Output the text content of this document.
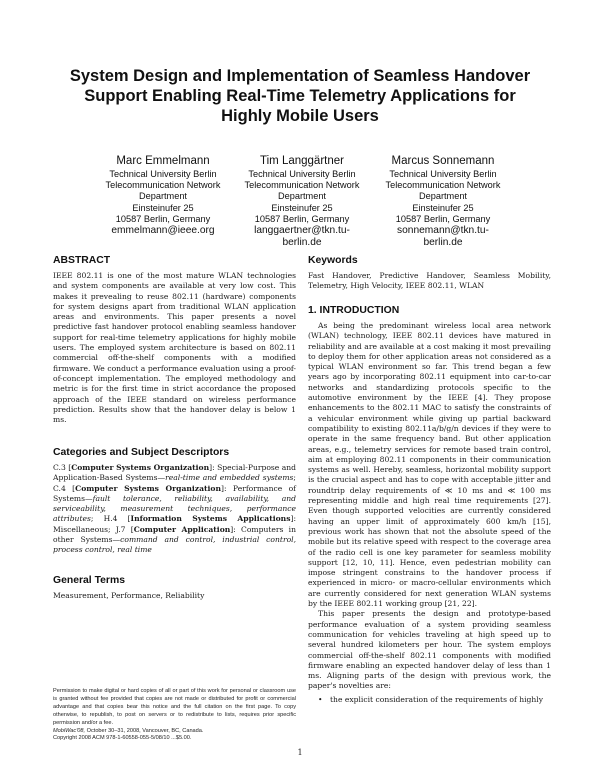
System Design and Implementation of Seamless Handover
Support Enabling Real-Time Telemetry Applications for
Highly Mobile Users
Marc Emmelmann
Technical University Berlin
Telecommunication Network
Department
Einsteinufer 25
10587 Berlin, Germany
emmelmann@ieee.org
Tim Langgärtner
Technical University Berlin
Telecommunication Network
Department
Einsteinufer 25
10587 Berlin, Germany
langgaertner@tkn.tu-
berlin.de
Marcus Sonnemann
Technical University Berlin
Telecommunication Network
Department
Einsteinufer 25
10587 Berlin, Germany
sonnemann@tkn.tu-
berlin.de
ABSTRACT

IEEE 802.11 is one of the most mature WLAN technologies and system components are available at very low cost. This makes it prevealing to reuse 802.11 (hardware) components for system designs apart from traditional WLAN application areas and environments. This paper presents a novel predictive fast handover protocol enabling seamless handover support for real-time telemetry applications for highly mobile users. The employed system architecture is based on 802.11 commercial off-the-shelf components with a modified firmware. We conduct a performance evaluation using a proof-of-concept implementation. The employed methodology and metric is for the first time in strict accordance the proposed approach of the IEEE standard on wireless performance prediction. Results show that the handover delay is below 1 ms.

Categories and Subject Descriptors

C.3 [Computer Systems Organization]: Special-Purpose and Application-Based Systems—real-time and embedded systems; C.4 [Computer Systems Organization]: Performance of Systems—fault tolerance, reliability, availability, and serviceability, measurement techniques, performance attributes; H.4 [Information Systems Applications]: Miscellaneous; J.7 [Computer Application]: Computers in other Systems—command and control, industrial control, process control, real time

General Terms

Measurement, Performance, Reliability

Permission to make digital or hard copies of all or part of this work for personal or classroom use is granted without fee provided that copies are not made or distributed for profit or commercial advantage and that copies bear this notice and the full citation on the first page. To copy otherwise, to republish, to post on servers or to redistribute to lists, requires prior specific permission and/or a fee.
MobiWac'08, October 30–31, 2008, Vancouver, BC, Canada.
Copyright 2008 ACM 978-1-60558-055-5/08/10 ...$5.00.
Keywords

Fast Handover, Predictive Handover, Seamless Mobility, Telemetry, High Velocity, IEEE 802.11, WLAN

1. INTRODUCTION

As being the predominant wireless local area network (WLAN) technology, IEEE 802.11 devices have matured in reliability and are available at a cost making it most prevailing to deploy them for other application areas not considered as a typical WLAN environment so far. This trend began a few years ago by incorporating 802.11 equipment into car-to-car networks and standardizing protocols specific to the automotive environment by the IEEE [4]. They propose enhancements to the 802.11 MAC to satisfy the constraints of a vehicular environment while giving up partial backward compatibility to existing 802.11a/b/g/n devices if they were to operate in the same frequency band. But other application areas, e.g., telemetry services for remote based train control, aim at employing 802.11 components in their communication systems as well. Hereby, seamless, horizontal mobility support is the crucial aspect and has to cope with acceptable jitter and roundtrip delay requirements of ≪ 10 ms and ≪ 100 ms representing middle and high real time requirements [27]. Even though supported velocities are currently considered having an upper limit of approximately 600 km/h [15], previous work has shown that not the absolute speed of the mobile but its relative speed with respect to the coverage area of the radio cell is one key parameter for seamless mobility support [12, 10, 11]. Hence, even pedestrian mobility can impose stringent constrains to the handover process if experienced in micro- or macro-cellular environments which are currently considered for next generation WLAN systems by the IEEE 802.11 working group [21, 22].

This paper presents the design and prototype-based performance evaluation of a system providing seamless communication for vehicles traveling at high speed up to several hundred kilometers per hour. The system employs commercial off-the-shelf 802.11 components with modified firmware enabling an expected handover delay of less than 1 ms. Aligning parts of the design with previous work, the paper's novelties are:

• the explicit consideration of the requirements of highly
1
